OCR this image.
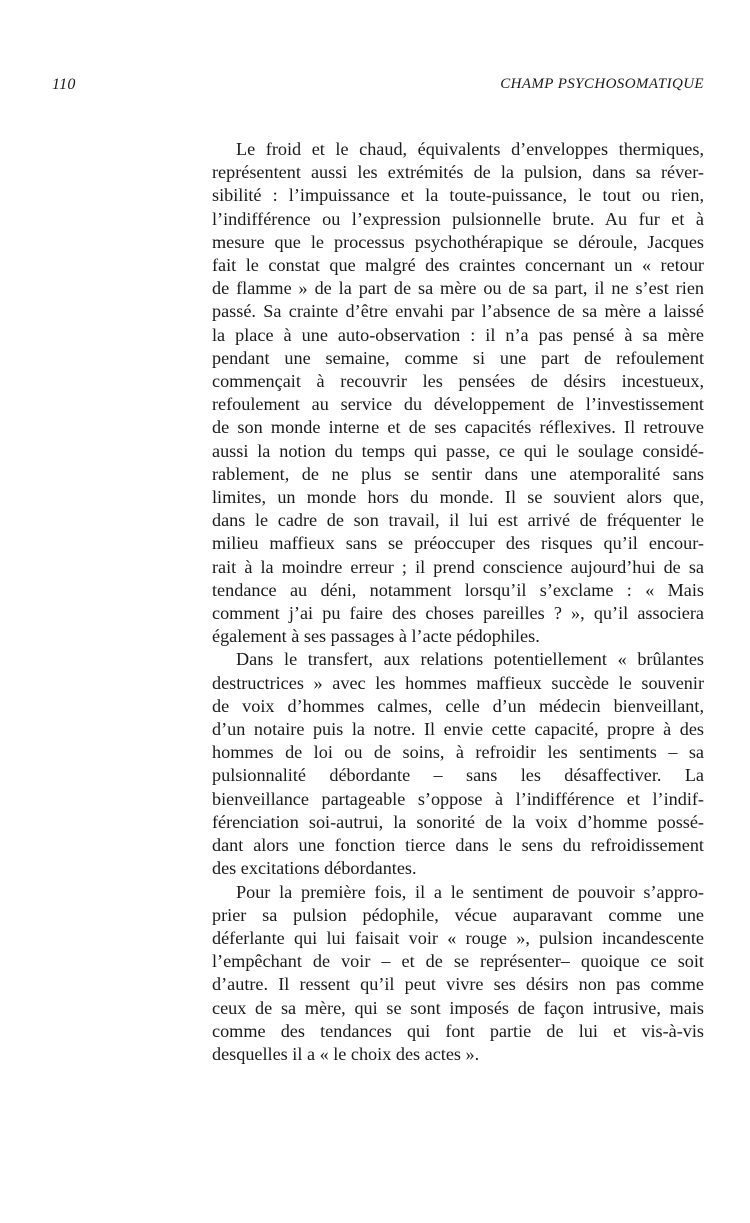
110	CHAMP PSYCHOSOMATIQUE
Le froid et le chaud, équivalents d’enveloppes thermiques,
représentent aussi les extrémités de la pulsion, dans sa réver-
sibilité : l’impuissance et la toute-puissance, le tout ou rien,
l’indifférence ou l’expression pulsionnelle brute. Au fur et à
mesure que le processus psychothérapique se déroule, Jacques
fait le constat que malgré des craintes concernant un « retour
de flamme » de la part de sa mère ou de sa part, il ne s’est rien
passé. Sa crainte d’être envahi par l’absence de sa mère a laissé
la place à une auto-observation : il n’a pas pensé à sa mère
pendant une semaine, comme si une part de refoulement
commençait à recouvrir les pensées de désirs incestueux,
refoulement au service du développement de l’investissement
de son monde interne et de ses capacités réflexives. Il retrouve
aussi la notion du temps qui passe, ce qui le soulage considé-
rablement, de ne plus se sentir dans une atemporalité sans
limites, un monde hors du monde. Il se souvient alors que,
dans le cadre de son travail, il lui est arrivé de fréquenter le
milieu maffieux sans se préoccuper des risques qu’il encour-
rait à la moindre erreur ; il prend conscience aujourd’hui de sa
tendance au déni, notamment lorsqu’il s’exclame : « Mais
comment j’ai pu faire des choses pareilles ? », qu’il associera
également à ses passages à l’acte pédophiles.
Dans le transfert, aux relations potentiellement « brûlantes
destructrices » avec les hommes maffieux succède le souvenir
de voix d’hommes calmes, celle d’un médecin bienveillant,
d’un notaire puis la notre. Il envie cette capacité, propre à des
hommes de loi ou de soins, à refroidir les sentiments – sa
pulsionnalité débordante – sans les désaffectiver. La
bienveillance partageable s’oppose à l’indifférence et l’indif-
férenciation soi-autrui, la sonorité de la voix d’homme possé-
dant alors une fonction tierce dans le sens du refroidissement
des excitations débordantes.
Pour la première fois, il a le sentiment de pouvoir s’appro-
prier sa pulsion pédophile, vécue auparavant comme une
déferlante qui lui faisait voir « rouge », pulsion incandescente
l’empêchant de voir – et de se représenter– quoique ce soit
d’autre. Il ressent qu’il peut vivre ses désirs non pas comme
ceux de sa mère, qui se sont imposés de façon intrusive, mais
comme des tendances qui font partie de lui et vis-à-vis
desquelles il a « le choix des actes ».
